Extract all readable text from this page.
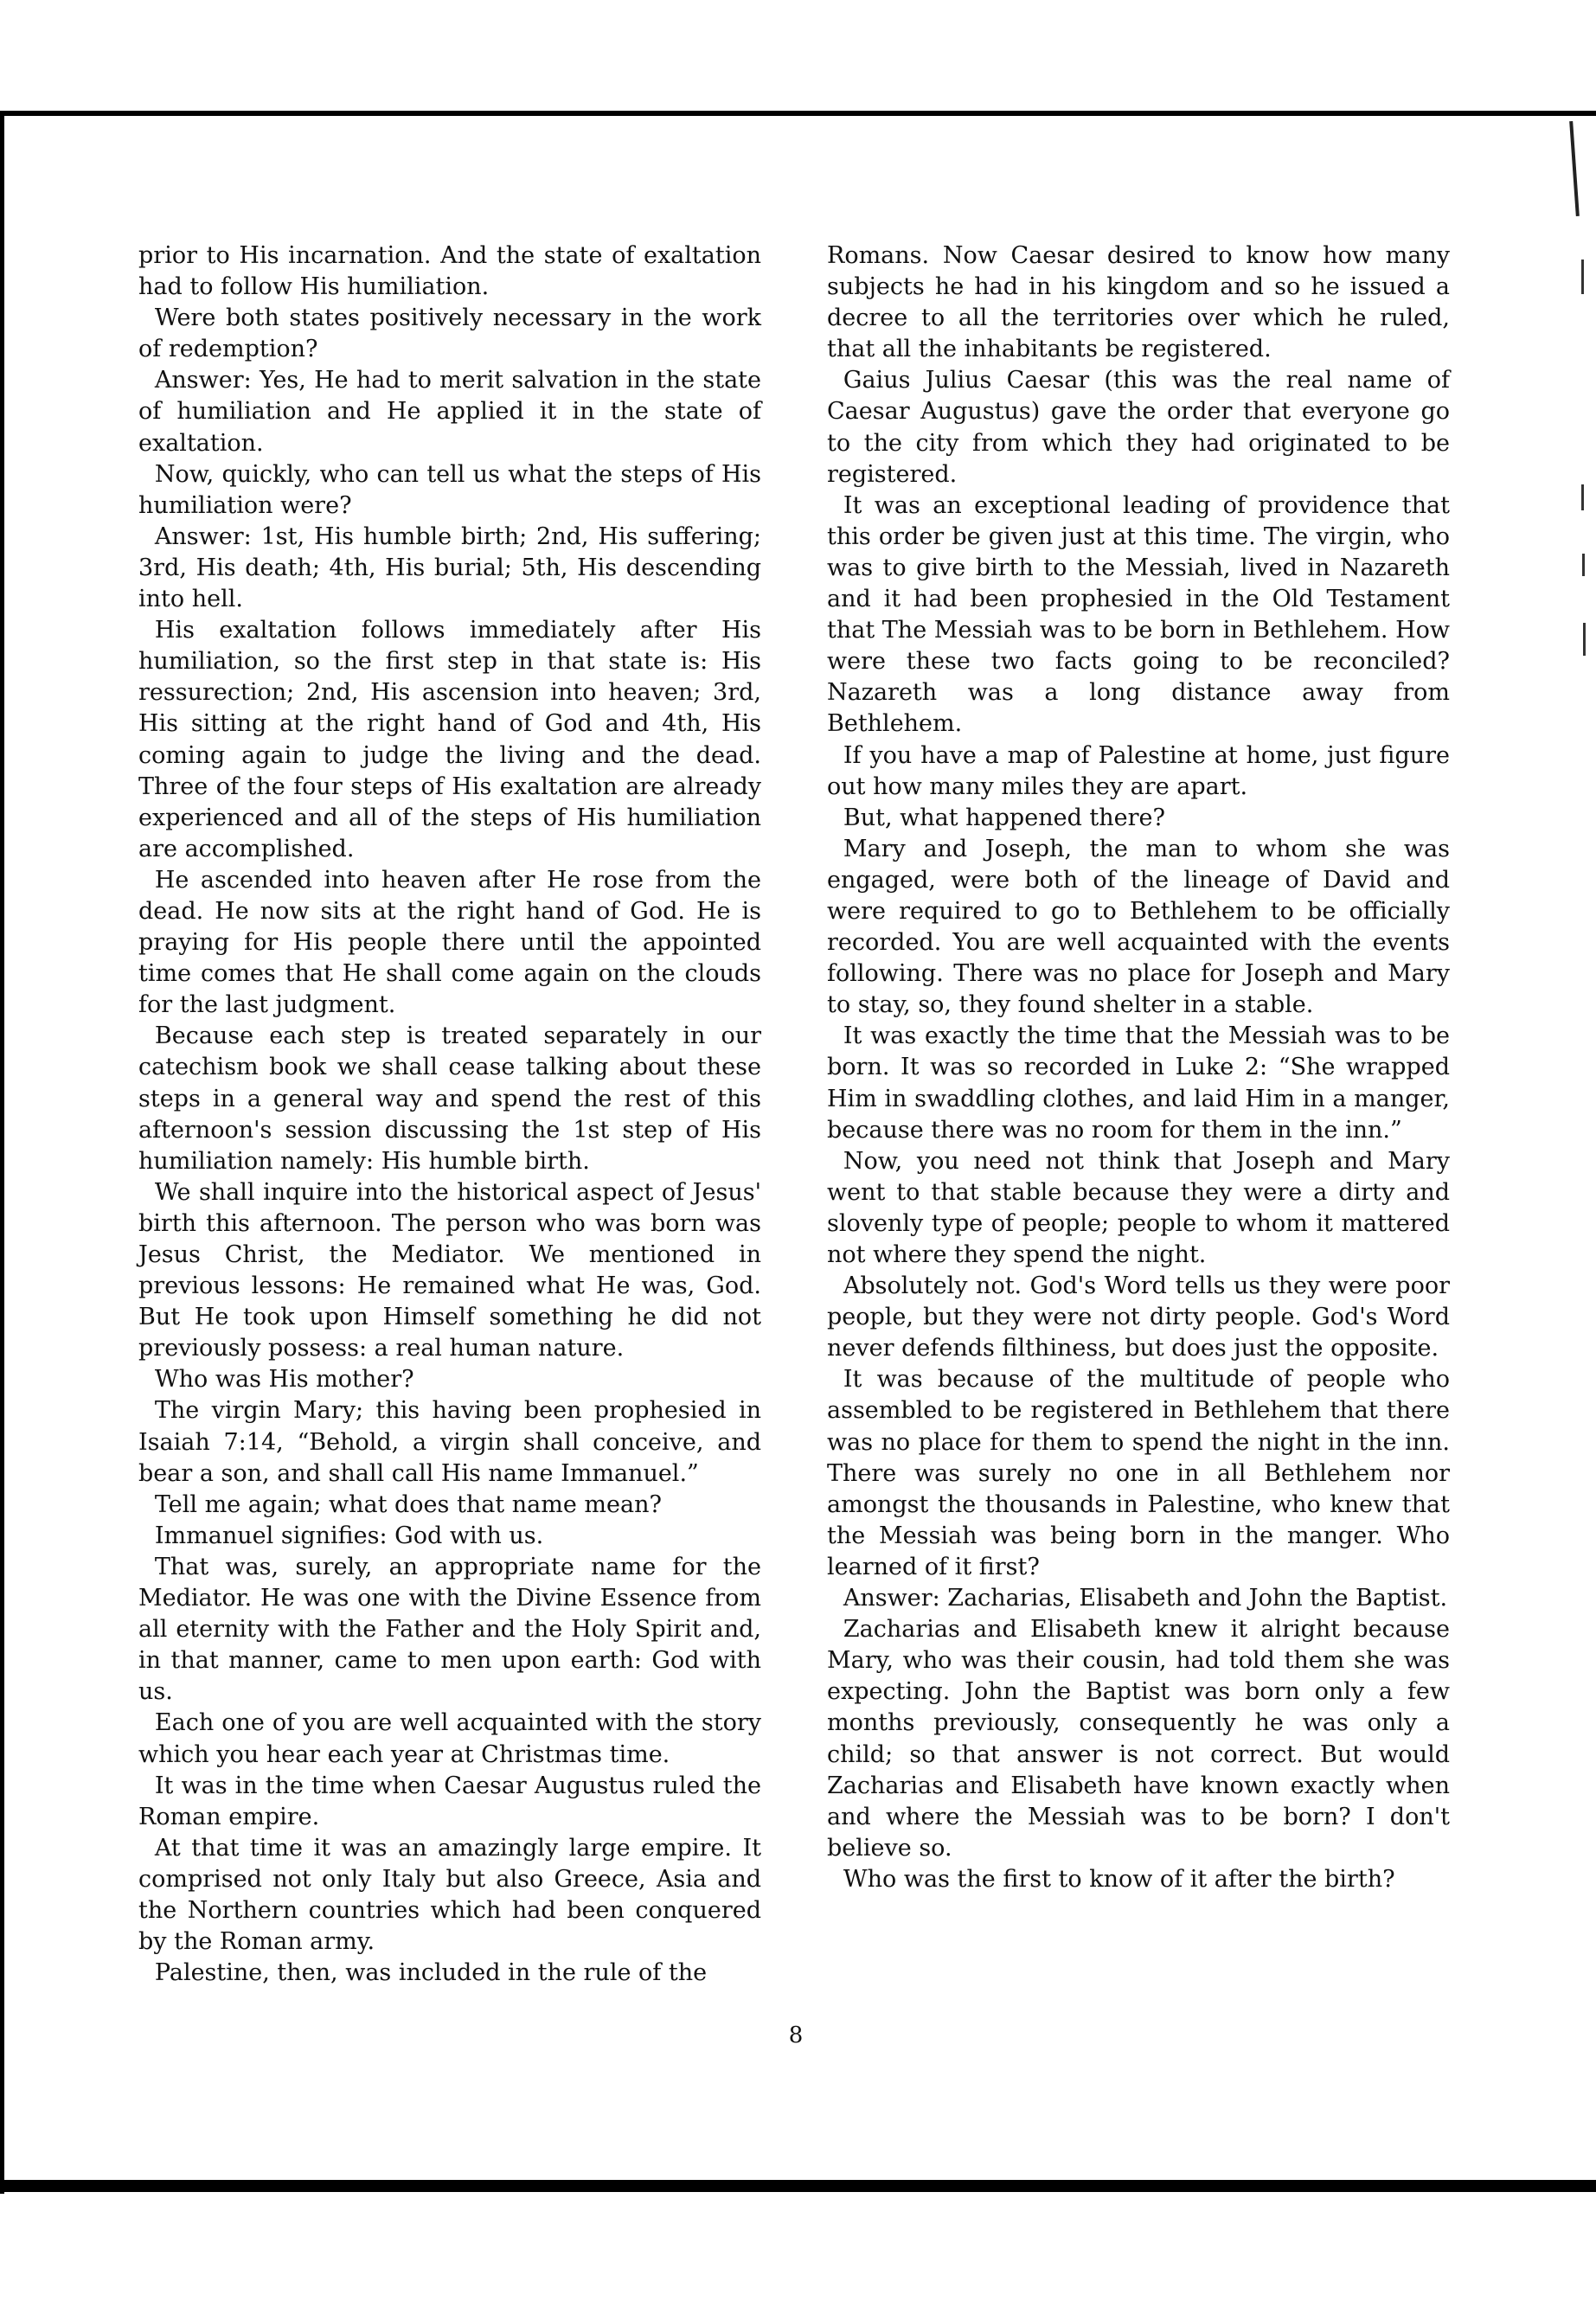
prior to His incarnation. And the state of exaltation had to follow His humiliation.

Were both states positively necessary in the work of redemption?

Answer: Yes, He had to merit salvation in the state of humiliation and He applied it in the state of exaltation.

Now, quickly, who can tell us what the steps of His humiliation were?

Answer: 1st, His humble birth; 2nd, His suffering; 3rd, His death; 4th, His burial; 5th, His descending into hell.

His exaltation follows immediately after His humiliation, so the first step in that state is: His ressurection; 2nd, His ascension into heaven; 3rd, His sitting at the right hand of God and 4th, His coming again to judge the living and the dead. Three of the four steps of His exaltation are already experienced and all of the steps of His humiliation are accomplished.

He ascended into heaven after He rose from the dead. He now sits at the right hand of God. He is praying for His people there until the appointed time comes that He shall come again on the clouds for the last judgment.

Because each step is treated separately in our catechism book we shall cease talking about these steps in a general way and spend the rest of this afternoon's session discussing the 1st step of His humiliation namely: His humble birth.

We shall inquire into the historical aspect of Jesus' birth this afternoon. The person who was born was Jesus Christ, the Mediator. We mentioned in previous lessons: He remained what He was, God. But He took upon Himself something he did not previously possess: a real human nature.

Who was His mother?

The virgin Mary; this having been prophesied in Isaiah 7:14, “Behold, a virgin shall conceive, and bear a son, and shall call His name Immanuel.”

Tell me again; what does that name mean?

Immanuel signifies: God with us.

That was, surely, an appropriate name for the Mediator. He was one with the Divine Essence from all eternity with the Father and the Holy Spirit and, in that manner, came to men upon earth: God with us.

Each one of you are well acquainted with the story which you hear each year at Christmas time.

It was in the time when Caesar Augustus ruled the Roman empire.

At that time it was an amazingly large empire. It comprised not only Italy but also Greece, Asia and the Northern countries which had been conquered by the Roman army.

Palestine, then, was included in the rule of the

Romans. Now Caesar desired to know how many subjects he had in his kingdom and so he issued a decree to all the territories over which he ruled, that all the inhabitants be registered.

Gaius Julius Caesar (this was the real name of Caesar Augustus) gave the order that everyone go to the city from which they had originated to be registered.

It was an exceptional leading of providence that this order be given just at this time. The virgin, who was to give birth to the Messiah, lived in Nazareth and it had been prophesied in the Old Testament that The Messiah was to be born in Bethlehem. How were these two facts going to be reconciled? Nazareth was a long distance away from Bethlehem.

If you have a map of Palestine at home, just figure out how many miles they are apart.

But, what happened there?

Mary and Joseph, the man to whom she was engaged, were both of the lineage of David and were required to go to Bethlehem to be officially recorded. You are well acquainted with the events following. There was no place for Joseph and Mary to stay, so, they found shelter in a stable.

It was exactly the time that the Messiah was to be born. It was so recorded in Luke 2: “She wrapped Him in swaddling clothes, and laid Him in a manger, because there was no room for them in the inn.”

Now, you need not think that Joseph and Mary went to that stable because they were a dirty and slovenly type of people; people to whom it mattered not where they spend the night.

Absolutely not. God's Word tells us they were poor people, but they were not dirty people. God's Word never defends filthiness, but does just the opposite.

It was because of the multitude of people who assembled to be registered in Bethlehem that there was no place for them to spend the night in the inn. There was surely no one in all Bethlehem nor amongst the thousands in Palestine, who knew that the Messiah was being born in the manger. Who learned of it first?

Answer: Zacharias, Elisabeth and John the Baptist.

Zacharias and Elisabeth knew it alright because Mary, who was their cousin, had told them she was expecting. John the Baptist was born only a few months previously, consequently he was only a child; so that answer is not correct. But would Zacharias and Elisabeth have known exactly when and where the Messiah was to be born? I don't believe so.

Who was the first to know of it after the birth?

8
